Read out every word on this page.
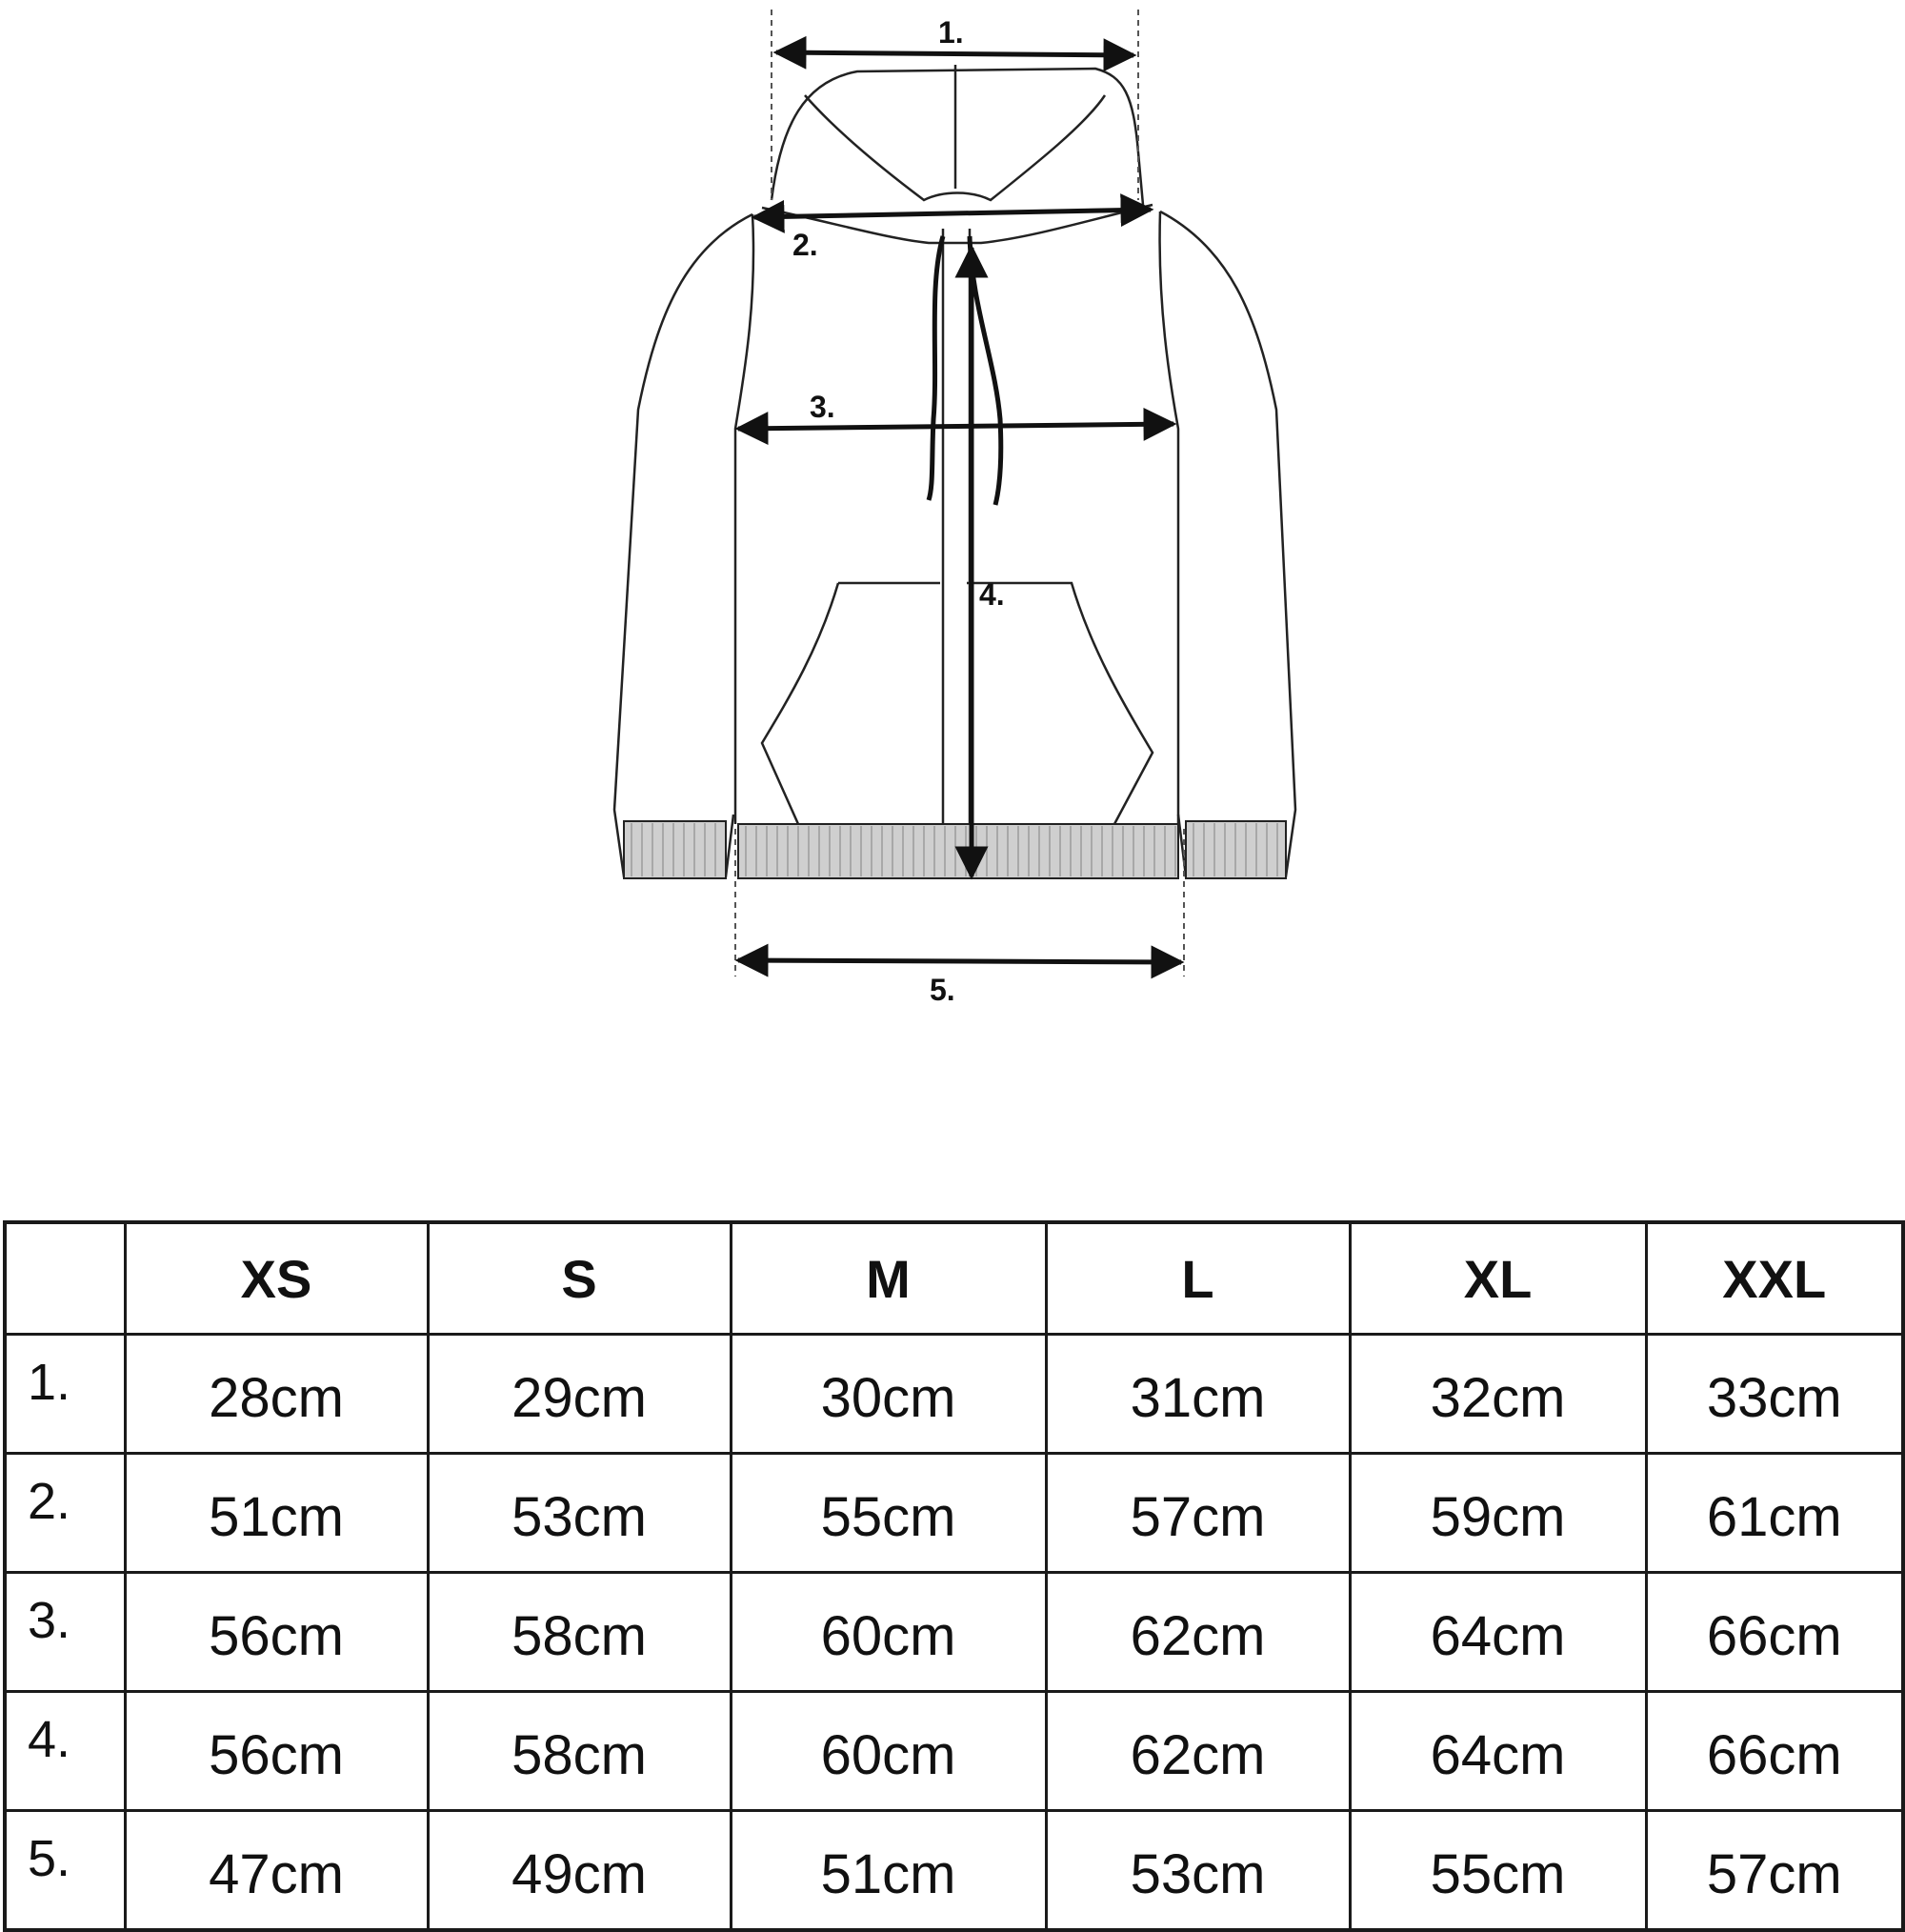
1.
2.
3.
4.
5.
	XS	S	M	L	XL	XXL
1.	28cm	29cm	30cm	31cm	32cm	33cm
2.	51cm	53cm	55cm	57cm	59cm	61cm
3.	56cm	58cm	60cm	62cm	64cm	66cm
4.	56cm	58cm	60cm	62cm	64cm	66cm
5.	47cm	49cm	51cm	53cm	55cm	57cm
